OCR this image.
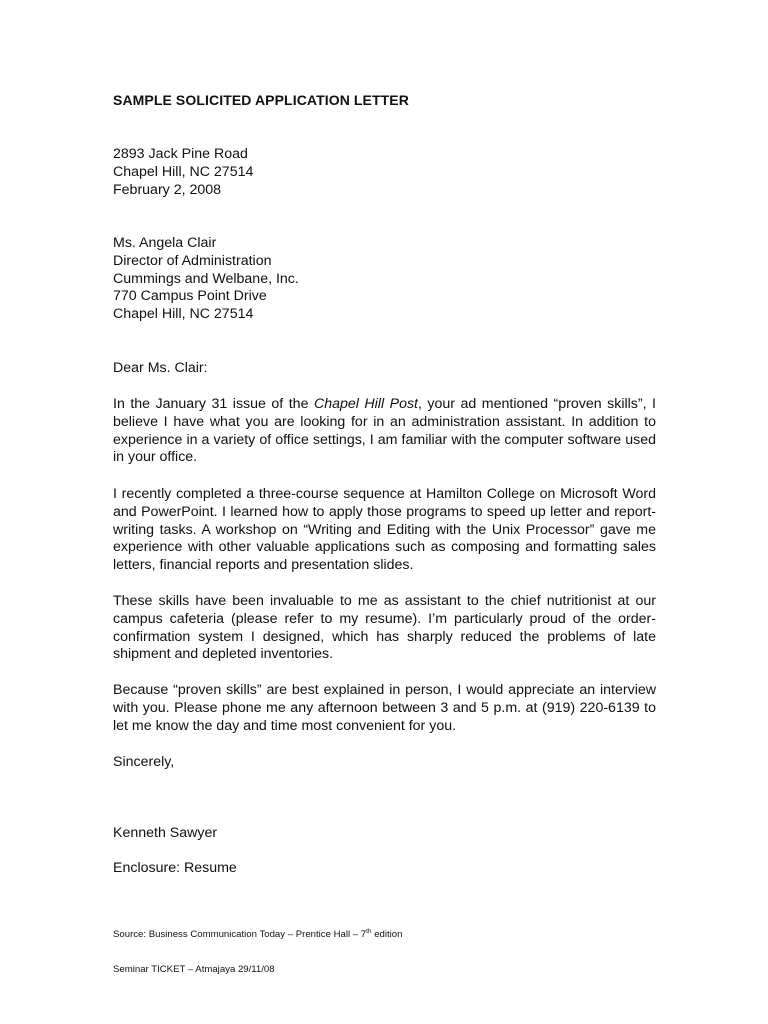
SAMPLE SOLICITED APPLICATION LETTER
2893 Jack Pine Road
Chapel Hill, NC 27514
February 2, 2008
Ms. Angela Clair
Director of Administration
Cummings and Welbane, Inc.
770 Campus Point Drive
Chapel Hill, NC 27514
Dear Ms. Clair:
In the January 31 issue of the Chapel Hill Post, your ad mentioned “proven skills”, I believe I have what you are looking for in an administration assistant. In addition to experience in a variety of office settings, I am familiar with the computer software used in your office.
I recently completed a three-course sequence at Hamilton College on Microsoft Word and PowerPoint. I learned how to apply those programs to speed up letter and report-writing tasks. A workshop on “Writing and Editing with the Unix Processor” gave me experience with other valuable applications such as composing and formatting sales letters, financial reports and presentation slides.
These skills have been invaluable to me as assistant to the chief nutritionist at our campus cafeteria (please refer to my resume). I’m particularly proud of the order-confirmation system I designed, which has sharply reduced the problems of late shipment and depleted inventories.
Because “proven skills” are best explained in person, I would appreciate an interview with you. Please phone me any afternoon between 3 and 5 p.m. at (919) 220-6139 to let me know the day and time most convenient for you.
Sincerely,
Kenneth Sawyer
Enclosure: Resume
Source: Business Communication Today – Prentice Hall – 7th edition
Seminar TICKET – Atmajaya 29/11/08
